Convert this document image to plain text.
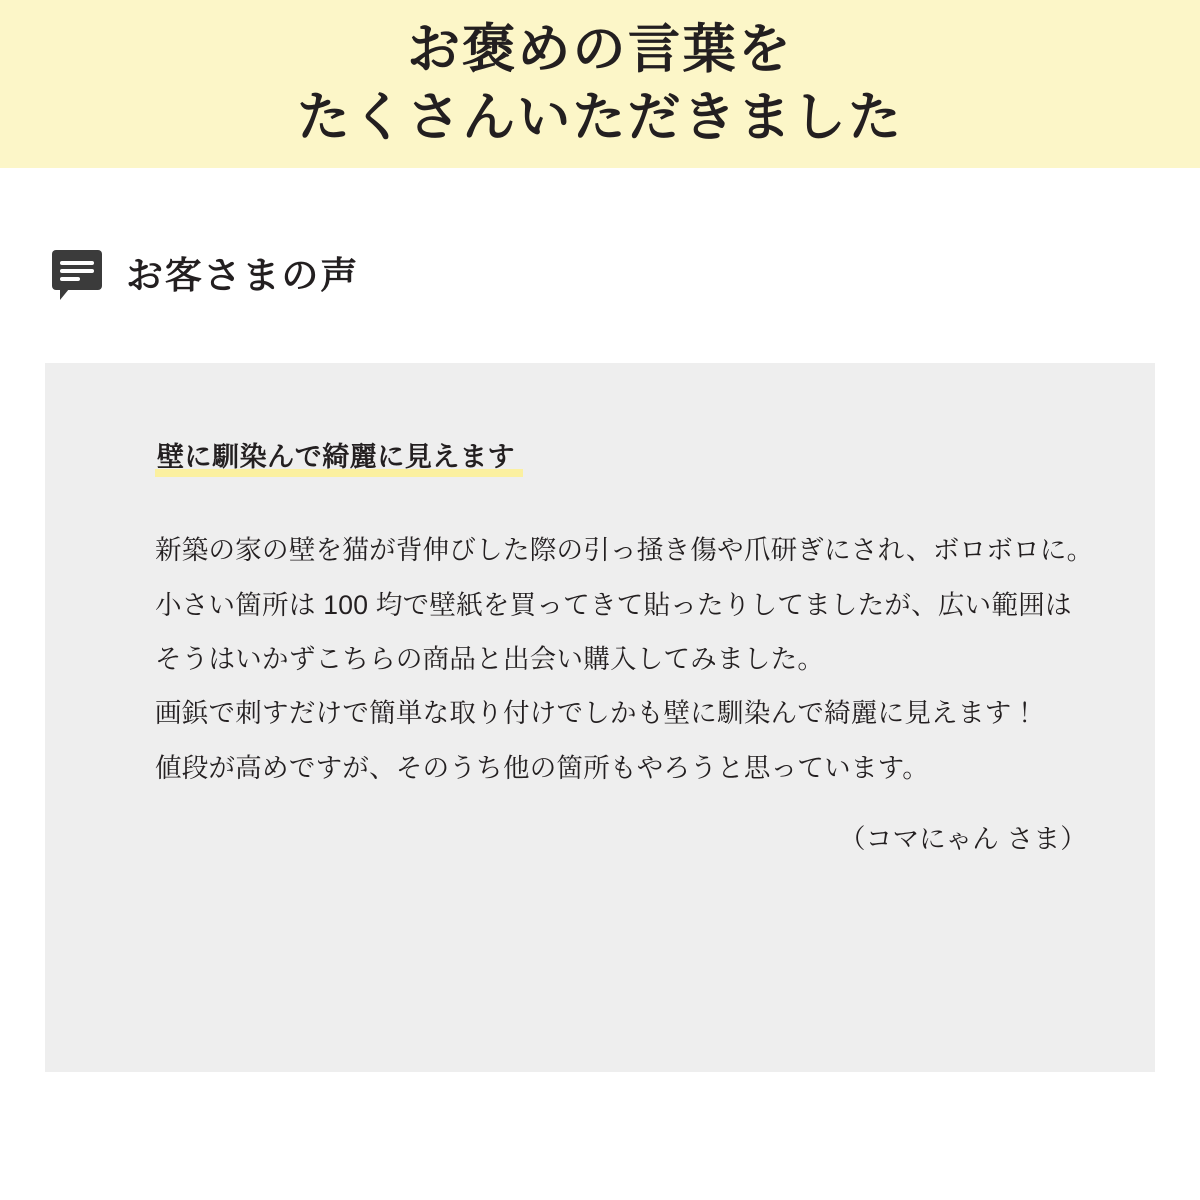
お褒めの言葉を
たくさんいただきました
お客さまの声
壁に馴染んで綺麗に見えます

新築の家の壁を猫が背伸びした際の引っ掻き傷や爪研ぎにされ、ボロボロに。小さい箇所は 100 均で壁紙を買ってきて貼ったりしてましたが、広い範囲はそうはいかずこちらの商品と出会い購入してみました。

画鋲で刺すだけで簡単な取り付けでしかも壁に馴染んで綺麗に見えます！

値段が高めですが、そのうち他の箇所もやろうと思っています。

（コマにゃん さま）
